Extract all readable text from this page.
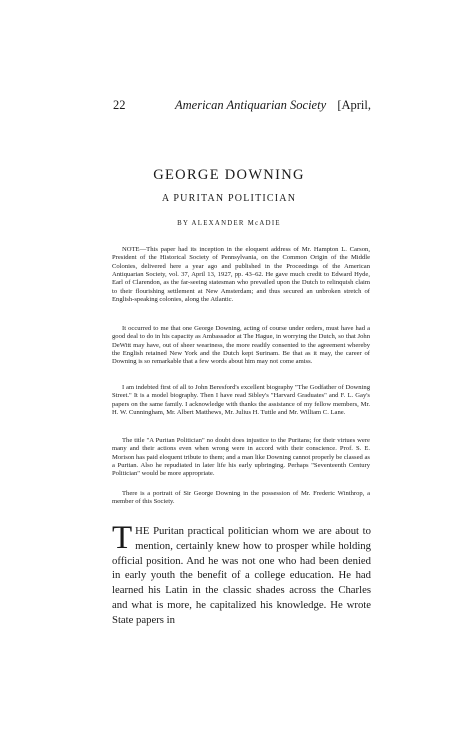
22	American Antiquarian Society [April,
GEORGE DOWNING
A PURITAN POLITICIAN
BY ALEXANDER McADIE

NOTE—This paper had its inception in the eloquent address of Mr. Hampton L. Carson, President of the Historical Society of Pennsylvania, on the Common Origin of the Middle Colonies, delivered here a year ago and published in the Proceedings of the American Antiquarian Society, vol. 37, April 13, 1927, pp. 43–62. He gave much credit to Edward Hyde, Earl of Clarendon, as the far-seeing statesman who prevailed upon the Dutch to relinquish claim to their flourishing settlement at New Amsterdam; and thus secured an unbroken stretch of English-speaking colonies, along the Atlantic.

It occurred to me that one George Downing, acting of course under orders, must have had a good deal to do in his capacity as Ambassador at The Hague, in worrying the Dutch, so that John DeWitt may have, out of sheer weariness, the more readily consented to the agreement whereby the English retained New York and the Dutch kept Surinam. Be that as it may, the career of Downing is so remarkable that a few words about him may not come amiss.

I am indebted first of all to John Beresford's excellent biography "The Godfather of Downing Street." It is a model biography. Then I have read Sibley's "Harvard Graduates" and F. L. Gay's papers on the same family. I acknowledge with thanks the assistance of my fellow members, Mr. H. W. Cunningham, Mr. Albert Matthews, Mr. Julius H. Tuttle and Mr. William C. Lane.

The title "A Puritan Politician" no doubt does injustice to the Puritans; for their virtues were many and their actions even when wrong were in accord with their conscience. Prof. S. E. Morison has paid eloquent tribute to them; and a man like Downing cannot properly be classed as a Puritan. Also he repudiated in later life his early upbringing. Perhaps "Seventeenth Century Politician" would be more appropriate.

There is a portrait of Sir George Downing in the possession of Mr. Frederic Winthrop, a member of this Society.

THE Puritan practical politician whom we are about to mention, certainly knew how to prosper while holding official position. And he was not one who had been denied in early youth the benefit of a college education. He had learned his Latin in the classic shades across the Charles and what is more, he capitalized his knowledge. He wrote State papers in
